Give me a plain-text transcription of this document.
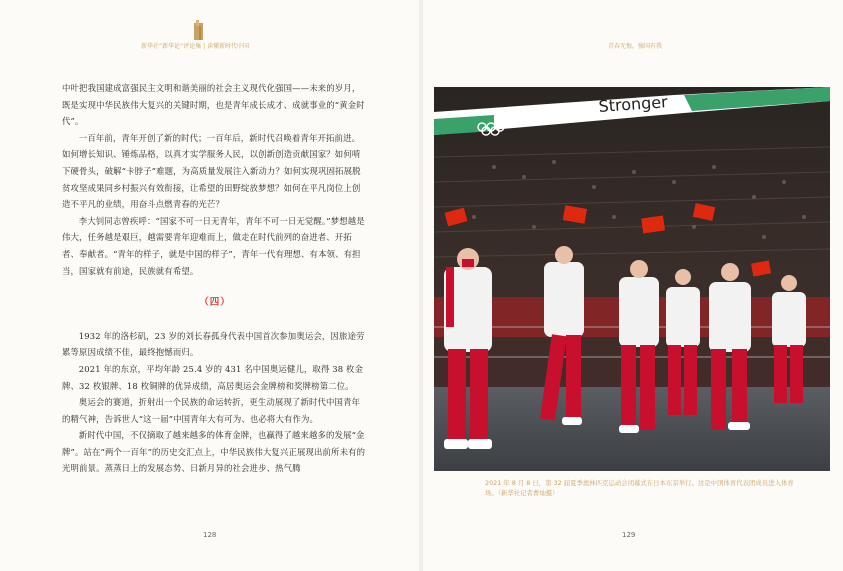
新华社“新华论”评论集 | 读懂新时代中国	青春无悔，强国有我

中叶把我国建成富强民主文明和谐美丽的社会主义现代化强国——未来的岁月，既是实现中华民族伟大复兴的关键时期，也是青年成长成才、成就事业的“黄金时代”。

一百年前，青年开创了新的时代；一百年后，新时代召唤着青年开拓前进。如何增长知识、锤炼品格，以真才实学服务人民，以创新创造贡献国家？如何啃下硬骨头，破解“卡脖子”难题，为高质量发展注入新动力？如何实现巩固拓展脱贫攻坚成果同乡村振兴有效衔接，让希望的田野绽放梦想？如何在平凡岗位上创造不平凡的业绩，用奋斗点燃青春的光芒？

李大钊同志曾疾呼：“国家不可一日无青年，青年不可一日无觉醒。”梦想越是伟大，任务越是艰巨，越需要青年迎难而上，做走在时代前列的奋进者、开拓者、奉献者。“青年的样子，就是中国的样子”，青年一代有理想、有本领、有担当，国家就有前途，民族就有希望。

（四）

1932 年的洛杉矶，23 岁的刘长春孤身代表中国首次参加奥运会，因旅途劳累等原因成绩不佳，最终抱憾而归。

2021 年的东京，平均年龄 25.4 岁的 431 名中国奥运健儿，取得 38 枚金牌、32 枚银牌、18 枚铜牌的优异成绩，高居奥运会金牌榜和奖牌榜第二位。

奥运会的赛道，折射出一个民族的命运转折，更生动展现了新时代中国青年的精气神，告诉世人“这一届”中国青年大有可为、也必将大有作为。

新时代中国，不仅摘取了越来越多的体育金牌，也赢得了越来越多的发展“金牌”。站在“两个一百年”的历史交汇点上，中华民族伟大复兴正展现出前所未有的光明前景。蒸蒸日上的发展态势、日新月异的社会进步、热气腾

128
Stronger
2021 年 8 月 8 日，第 32 届夏季奥林匹克运动会闭幕式在日本东京举行。这是中国体育代表团成员进入体育场。（新华社记者曹灿摄）
129
